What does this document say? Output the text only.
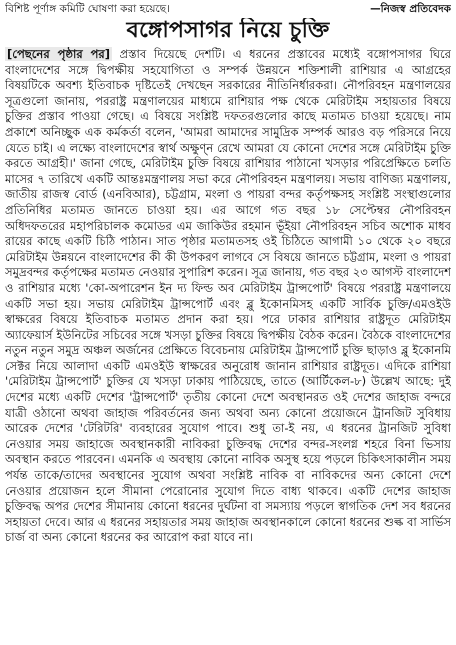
বিশিষ্ট পূর্ণাঙ্গ কমিটি ঘোষণা করা হয়েছে।	—নিজস্ব প্রতিবেদক
বঙ্গোপসাগর নিয়ে চুক্তি

[পেছনের পৃষ্ঠার পর] প্রস্তাব দিয়েছে দেশটি। এ ধরনের প্রস্তাবের মধ্যেই বঙ্গোপসাগর ঘিরে বাংলাদেশের সঙ্গে দ্বিপক্ষীয় সহযোগিতা ও সম্পর্ক উন্নয়নে শক্তিশালী রাশিয়ার এ আগ্রহের বিষয়টিকে অবশ্য ইতিবাচক দৃষ্টিতেই দেখছেন সরকারের নীতিনির্ধারকরা। নৌপরিবহন মন্ত্রণালয়ের সূত্রগুলো জানায়, পররাষ্ট্র মন্ত্রণালয়ের মাধ্যমে রাশিয়ার পক্ষ থেকে মেরিটাইম সহায়তার বিষয়ে চুক্তির প্রস্তাব পাওয়া গেছে। এ বিষয়ে সংশ্লিষ্ট দফতরগুলোর কাছে মতামত চাওয়া হয়েছে। নাম প্রকাশে অনিচ্ছুক এক কর্মকর্তা বলেন, 'আমরা আমাদের সামুদ্রিক সম্পর্ক আরও বড় পরিসরে নিয়ে যেতে চাই। এ লক্ষ্যে বাংলাদেশের স্বার্থ অক্ষুণ্ন রেখে আমরা যে কোনো দেশের সঙ্গে মেরিটাইম চুক্তি করতে আগ্রহী।' জানা গেছে, মেরিটাইম চুক্তি বিষয়ে রাশিয়ার পাঠানো খসড়ার পরিপ্রেক্ষিতে চলতি মাসের ৭ তারিখে একটি আন্তঃমন্ত্রণালয় সভা করে নৌপরিবহন মন্ত্রণালয়। সভায় বাণিজ্য মন্ত্রণালয়, জাতীয় রাজস্ব বোর্ড (এনবিআর), চট্টগ্রাম, মংলা ও পায়রা বন্দর কর্তৃপক্ষসহ সংশ্লিষ্ট সংস্থাগুলোর প্রতিনিধির মতামত জানতে চাওয়া হয়। এর আগে গত বছর ১৮ সেপ্টেম্বর নৌপরিবহন অধিদফতরের মহাপরিচালক কমোডর এম জাকিউর রহমান ভূঁইয়া নৌপরিবহন সচিব অশোক মাধব রায়ের কাছে একটি চিঠি পাঠান। সাত পৃষ্ঠার মতামতসহ ওই চিঠিতে আগামী ১০ থেকে ২০ বছরে মেরিটাইম উন্নয়নে বাংলাদেশের কী কী উপকরণ লাগবে সে বিষয়ে জানতে চট্টগ্রাম, মংলা ও পায়রা সমুদ্রবন্দর কর্তৃপক্ষের মতামত নেওয়ার সুপারিশ করেন। সূত্র জানায়, গত বছর ২৩ আগস্ট বাংলাদেশ ও রাশিয়ার মধ্যে 'কো-অপারেশন ইন দ্য ফিল্ড অব মেরিটাইম ট্রান্সপোর্ট' বিষয়ে পররাষ্ট্র মন্ত্রণালয়ে একটি সভা হয়। সভায় মেরিটাইম ট্রান্সপোর্ট এবং ব্লু ইকোনমিসহ একটি সার্বিক চুক্তি/এমওইউ স্বাক্ষরের বিষয়ে ইতিবাচক মতামত প্রদান করা হয়। পরে ঢাকার রাশিয়ার রাষ্ট্রদূত মেরিটাইম অ্যাফেয়ার্স ইউনিটের সচিবের সঙ্গে খসড়া চুক্তির বিষয়ে দ্বিপক্ষীয় বৈঠক করেন। বৈঠকে বাংলাদেশের নতুন নতুন সমুদ্র অঞ্চল অর্জনের প্রেক্ষিতে বিবেচনায় মেরিটাইম ট্রান্সপোর্ট চুক্তি ছাড়াও ব্লু ইকোনমি সেক্টর নিয়ে আলাদা একটি এমওইউ স্বাক্ষরের অনুরোধ জানান রাশিয়ার রাষ্ট্রদূত। এদিকে রাশিয়া 'মেরিটাইম ট্রান্সপোর্ট' চুক্তির যে খসড়া ঢাকায় পাঠিয়েছে, তাতে (আর্টিকেল-৮) উল্লেখ আছে: দুই দেশের মধ্যে একটি দেশের 'ট্রান্সপোর্ট' তৃতীয় কোনো দেশে অবস্থানরত ওই দেশের জাহাজ বন্দরে যাত্রী ওঠানো অথবা জাহাজ পরিবর্তনের জন্য অথবা অন্য কোনো প্রয়োজনে ট্রানজিট সুবিধায় আরেক দেশের 'টেরিটরি' ব্যবহারের সুযোগ পাবে। শুধু তা-ই নয়, এ ধরনের ট্রানজিট সুবিধা নেওয়ার সময় জাহাজে অবস্থানকারী নাবিকরা চুক্তিবদ্ধ দেশের বন্দর-সংলগ্ন শহরে বিনা ভিসায় অবস্থান করতে পারবেন। এমনকি এ অবস্থায় কোনো নাবিক অসুস্থ হয়ে পড়লে চিকিৎসাকালীন সময় পর্যন্ত তাকে/তাদের অবস্থানের সুযোগ অথবা সংশ্লিষ্ট নাবিক বা নাবিকদের অন্য কোনো দেশে নেওয়ার প্রয়োজন হলে সীমানা পেরোনোর সুযোগ দিতে বাধ্য থাকবে। একটি দেশের জাহাজ চুক্তিবদ্ধ অপর দেশের সীমানায় কোনো ধরনের দুর্ঘটনা বা সমস্যায় পড়লে স্বাগতিক দেশ সব ধরনের সহায়তা দেবে। আর এ ধরনের সহায়তার সময় জাহাজ অবস্থানকালে কোনো ধরনের শুল্ক বা সার্ভিস চার্জ বা অন্য কোনো ধরনের কর আরোপ করা যাবে না।
